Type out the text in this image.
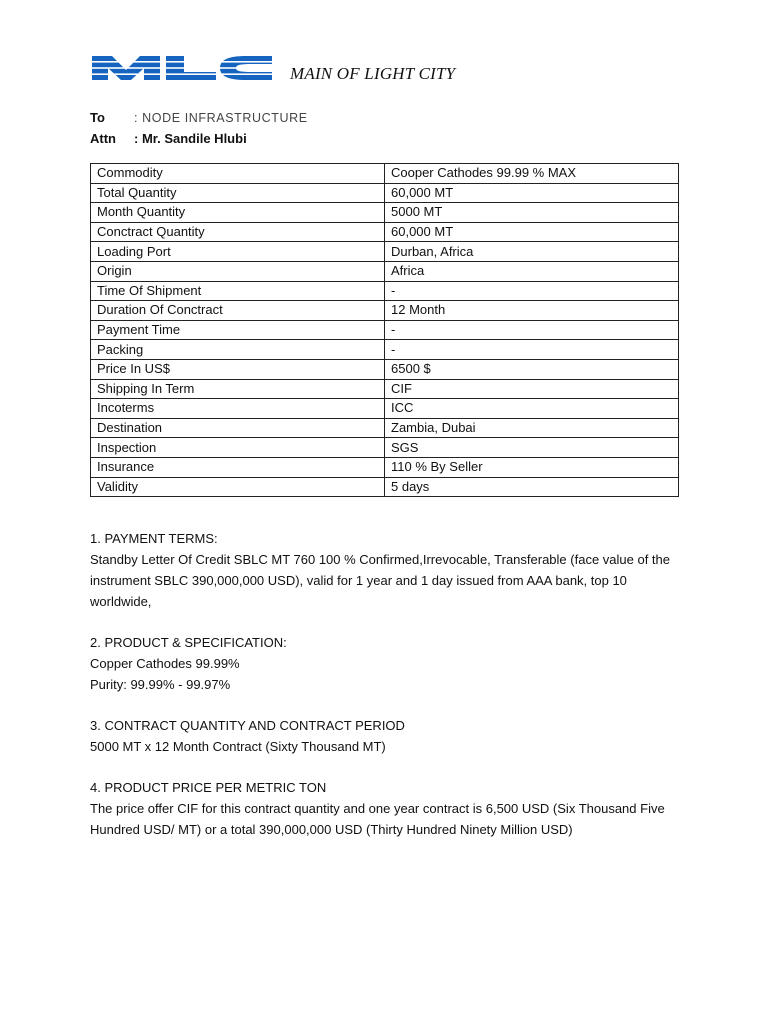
MAIN OF LIGHT CITY
To : NODE INFRASTRUCTURE
Attn : Mr. Sandile Hlubi
Commodity	Cooper Cathodes 99.99 % MAX
Total Quantity	60,000 MT
Month Quantity	5000 MT
Conctract Quantity	60,000 MT
Loading Port	Durban, Africa
Origin	Africa
Time Of Shipment	-
Duration Of Conctract	12 Month
Payment Time	-
Packing	-
Price In US$	6500 $
Shipping In Term	CIF
Incoterms	ICC
Destination	Zambia, Dubai
Inspection	SGS
Insurance	110 % By Seller
Validity	5 days

1. PAYMENT TERMS:

Standby Letter Of Credit SBLC MT 760 100 % Confirmed,Irrevocable, Transferable (face value of the instrument SBLC 390,000,000 USD), valid for 1 year and 1 day issued from AAA bank, top 10 worldwide,

2. PRODUCT & SPECIFICATION:

Copper Cathodes 99.99%

Purity: 99.99% - 99.97%

3. CONTRACT QUANTITY AND CONTRACT PERIOD

5000 MT x 12 Month Contract (Sixty Thousand MT)

4. PRODUCT PRICE PER METRIC TON

The price offer CIF for this contract quantity and one year contract is 6,500 USD (Six Thousand Five Hundred USD/ MT) or a total 390,000,000 USD (Thirty Hundred Ninety Million USD)
